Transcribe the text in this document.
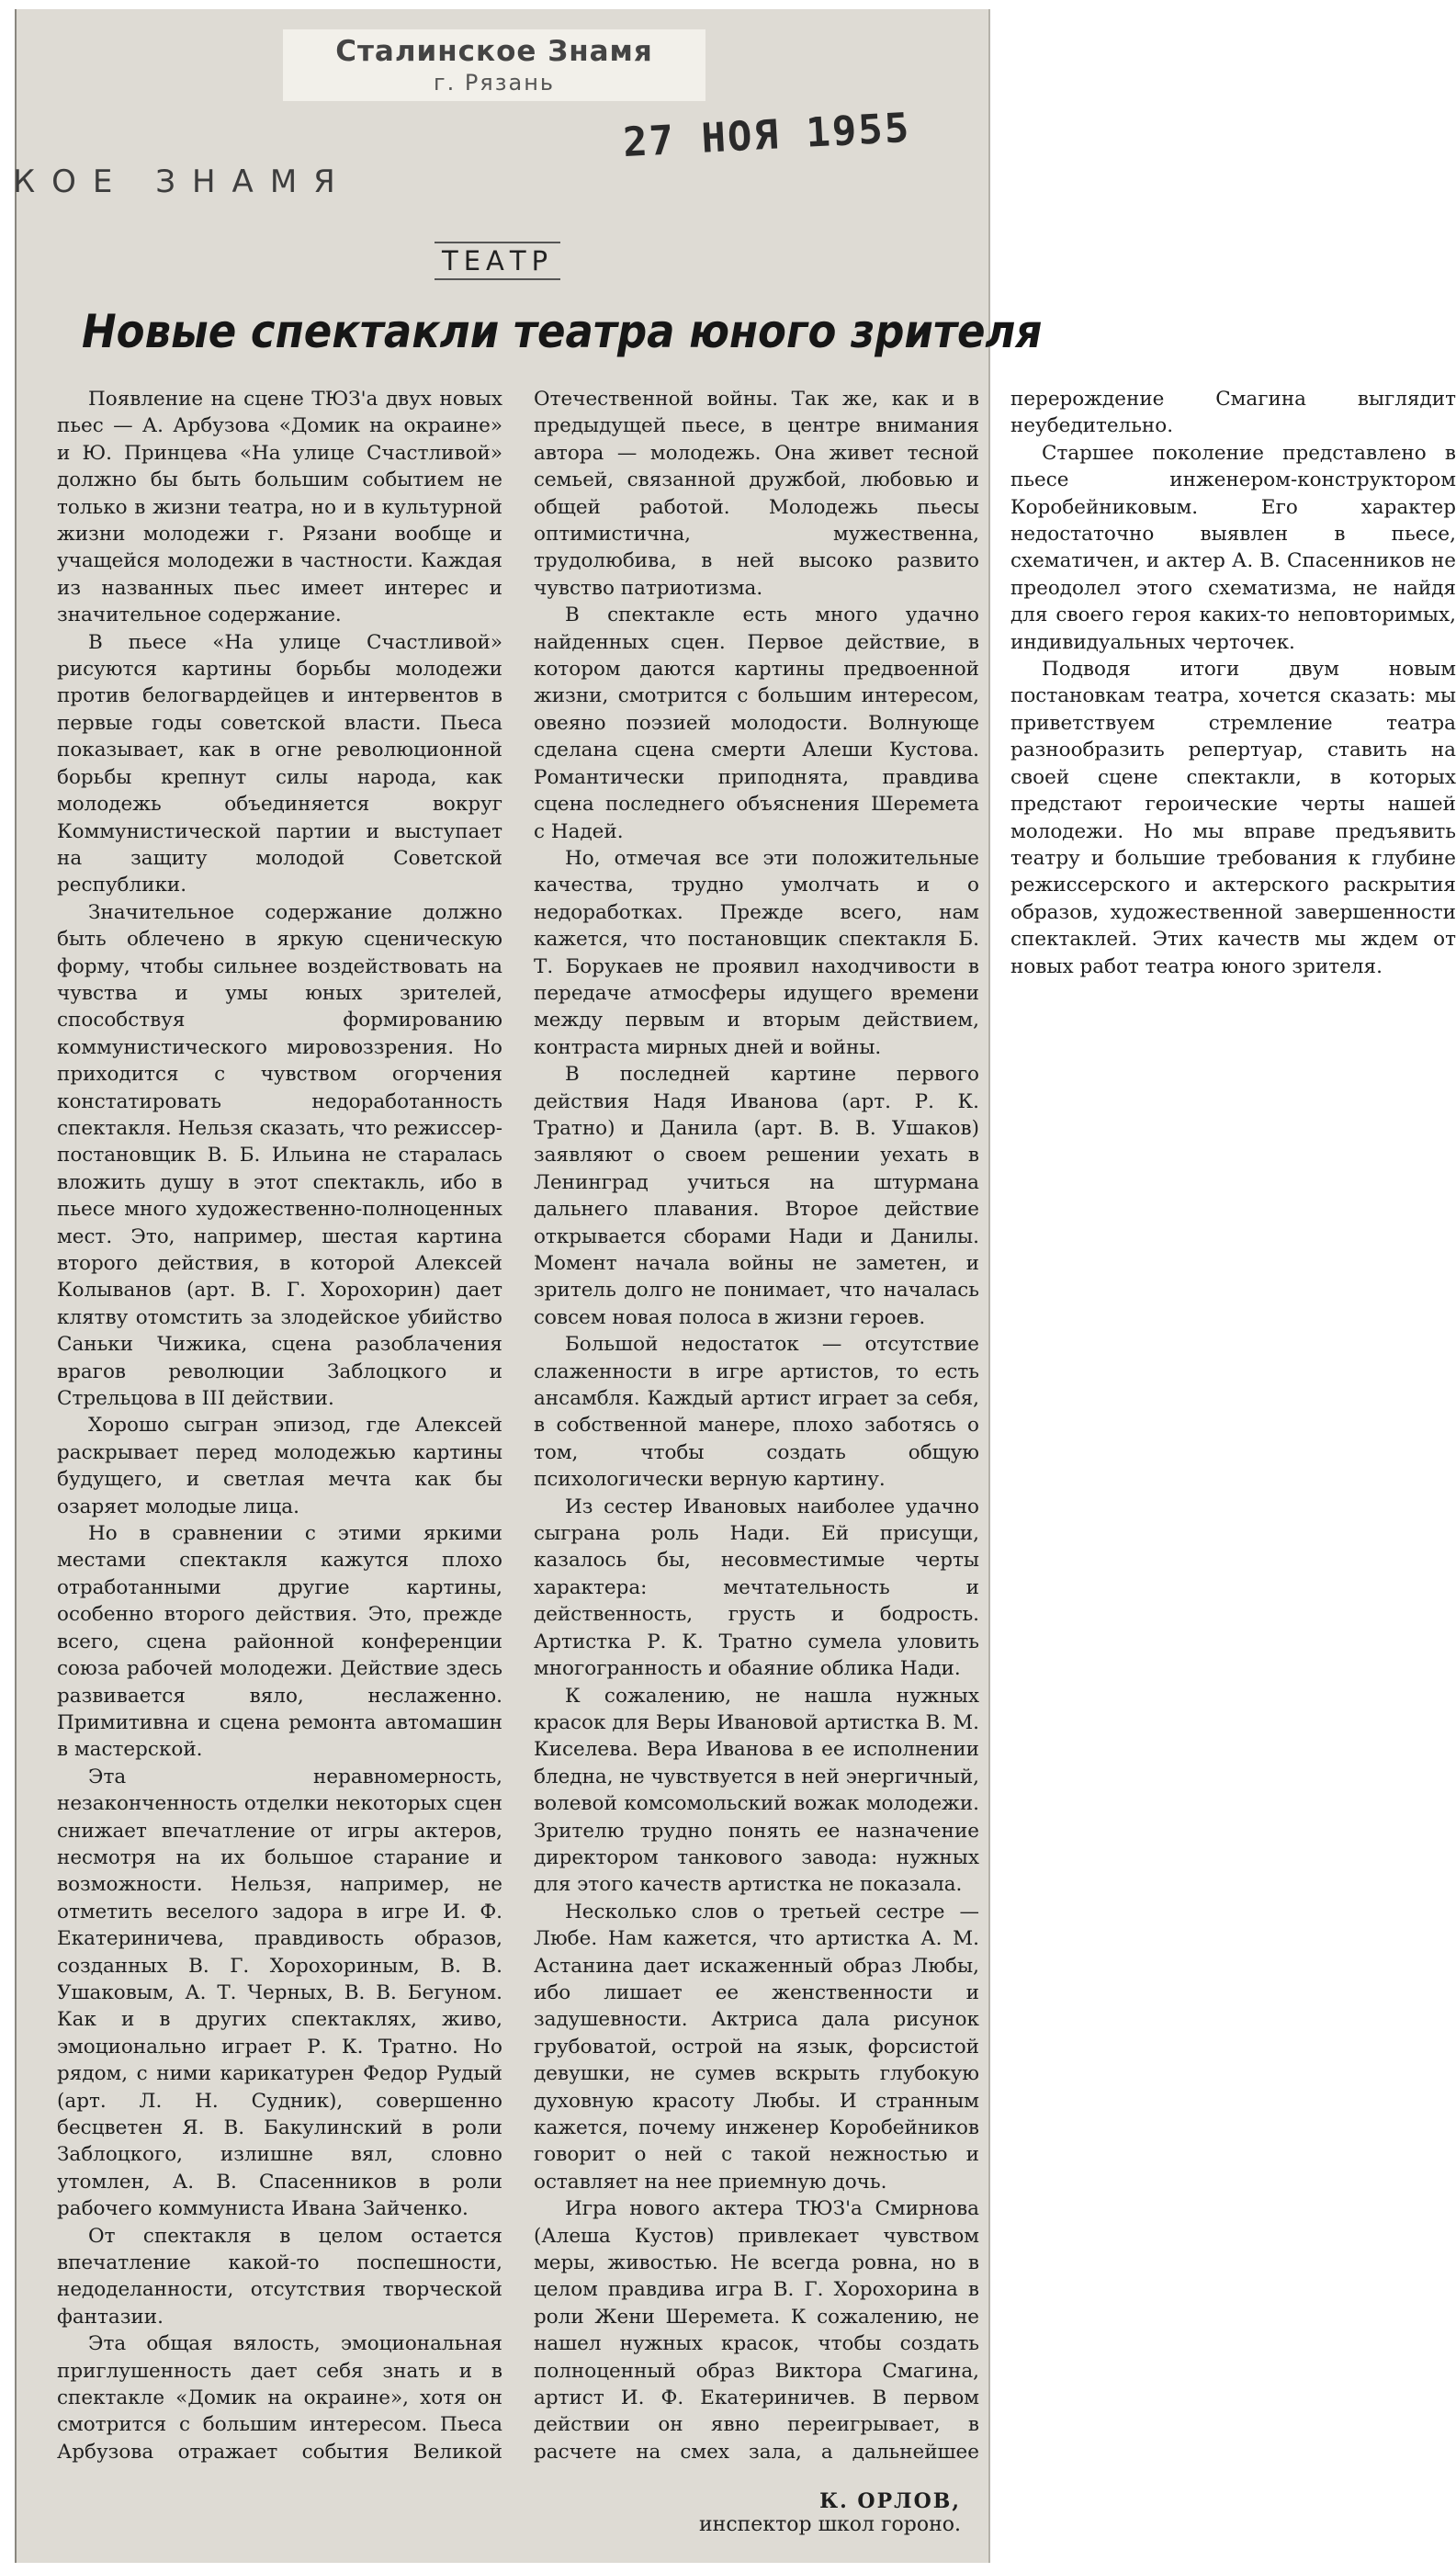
Сталинское Знамя
г. Рязань
27 НОЯ 1955
КОЕ ЗНАМЯ
ТЕАТР
Новые спектакли театра юного зрителя

Появление на сцене ТЮЗ'а двух новых пьес — А. Арбузова «Домик на окраине» и Ю. Принцева «На улице Счастливой» должно бы быть большим событием не только в жизни театра, но и в культурной жизни молодежи г. Рязани вообще и учащейся молодежи в частности. Каждая из названных пьес имеет интерес и значительное содержание.

В пьесе «На улице Счастливой» рисуются картины борьбы молодежи против белогвардейцев и интервентов в первые годы советской власти. Пьеса показывает, как в огне революционной борьбы крепнут силы народа, как молодежь объединяется вокруг Коммунистической партии и выступает на защиту молодой Советской республики.

Значительное содержание должно быть облечено в яркую сценическую форму, чтобы сильнее воздействовать на чувства и умы юных зрителей, способствуя формированию коммунистического мировоззрения. Но приходится с чувством огорчения констатировать недоработанность спектакля. Нельзя сказать, что режиссер-постановщик В. Б. Ильина не старалась вложить душу в этот спектакль, ибо в пьесе много художественно-полноценных мест. Это, например, шестая картина второго действия, в которой Алексей Колыванов (арт. В. Г. Хорохорин) дает клятву отомстить за злодейское убийство Саньки Чижика, сцена разоблачения врагов революции Заблоцкого и Стрельцова в III действии.

Хорошо сыгран эпизод, где Алексей раскрывает перед молодежью картины будущего, и светлая мечта как бы озаряет молодые лица.

Но в сравнении с этими яркими местами спектакля кажутся плохо отработанными другие картины, особенно второго действия. Это, прежде всего, сцена районной конференции союза рабочей молодежи. Действие здесь развивается вяло, неслаженно. Примитивна и сцена ремонта автомашин в мастерской.

Эта неравномерность, незаконченность отделки некоторых сцен снижает впечатление от игры актеров, несмотря на их большое старание и возможности. Нельзя, например, не отметить веселого задора в игре И. Ф. Екатериничева, правдивость образов, созданных В. Г. Хорохориным, В. В. Ушаковым, А. Т. Черных, В. В. Бегуном. Как и в других спектаклях, живо, эмоционально играет Р. К. Тратно. Но рядом, с ними карикатурен Федор Рудый (арт. Л. Н. Судник), совершенно бесцветен Я. В. Бакулинский в роли Заблоцкого, излишне вял, словно утомлен, А. В. Спасенников в роли рабочего коммуниста Ивана Зайченко.

От спектакля в целом остается впечатление какой-то поспешности, недоделанности, отсутствия творческой фантазии.

Эта общая вялость, эмоциональная приглушенность дает себя знать и в спектакле «Домик на окраине», хотя он смотрится с большим интересом. Пьеса Арбузова отражает события Великой Отечественной войны. Так же, как и в предыдущей пьесе, в центре внимания автора — молодежь. Она живет тесной семьей, связанной дружбой, любовью и общей работой. Молодежь пьесы оптимистична, мужественна, трудолюбива, в ней высоко развито чувство патриотизма.

В спектакле есть много удачно найденных сцен. Первое действие, в котором даются картины предвоенной жизни, смотрится с большим интересом, овеяно поэзией молодости. Волнующе сделана сцена смерти Алеши Кустова. Романтически приподнята, правдива сцена последнего объяснения Шеремета с Надей.

Но, отмечая все эти положительные качества, трудно умолчать и о недоработках. Прежде всего, нам кажется, что постановщик спектакля Б. Т. Борукаев не проявил находчивости в передаче атмосферы идущего времени между первым и вторым действием, контраста мирных дней и войны.

В последней картине первого действия Надя Иванова (арт. Р. К. Тратно) и Данила (арт. В. В. Ушаков) заявляют о своем решении уехать в Ленинград учиться на штурмана дальнего плавания. Второе действие открывается сборами Нади и Данилы. Момент начала войны не заметен, и зритель долго не понимает, что началась совсем новая полоса в жизни героев.

Большой недостаток — отсутствие слаженности в игре артистов, то есть ансамбля. Каждый артист играет за себя, в собственной манере, плохо заботясь о том, чтобы создать общую психологически верную картину.

Из сестер Ивановых наиболее удачно сыграна роль Нади. Ей присущи, казалось бы, несовместимые черты характера: мечтательность и действенность, грусть и бодрость. Артистка Р. К. Тратно сумела уловить многогранность и обаяние облика Нади.

К сожалению, не нашла нужных красок для Веры Ивановой артистка В. М. Киселева. Вера Иванова в ее исполнении бледна, не чувствуется в ней энергичный, волевой комсомольский вожак молодежи. Зрителю трудно понять ее назначение директором танкового завода: нужных для этого качеств артистка не показала.

Несколько слов о третьей сестре — Любе. Нам кажется, что артистка А. М. Астанина дает искаженный образ Любы, ибо лишает ее женственности и задушевности. Актриса дала рисунок грубоватой, острой на язык, форсистой девушки, не сумев вскрыть глубокую духовную красоту Любы. И странным кажется, почему инженер Коробейников говорит о ней с такой нежностью и оставляет на нее приемную дочь.

Игра нового актера ТЮЗ'а Смирнова (Алеша Кустов) привлекает чувством меры, живостью. Не всегда ровна, но в целом правдива игра В. Г. Хорохорина в роли Жени Шеремета. К сожалению, не нашел нужных красок, чтобы создать полноценный образ Виктора Смагина, артист И. Ф. Екатериничев. В первом действии он явно переигрывает, в расчете на смех зала, а дальнейшее перерождение Смагина выглядит неубедительно.

Старшее поколение представлено в пьесе инженером-конструктором Коробейниковым. Его характер недостаточно выявлен в пьесе, схематичен, и актер А. В. Спасенников не преодолел этого схематизма, не найдя для своего героя каких-то неповторимых, индивидуальных черточек.

Подводя итоги двум новым постановкам театра, хочется сказать: мы приветствуем стремление театра разнообразить репертуар, ставить на своей сцене спектакли, в которых предстают героические черты нашей молодежи. Но мы вправе предъявить театру и большие требования к глубине режиссерского и актерского раскрытия образов, художественной завершенности спектаклей. Этих качеств мы ждем от новых работ театра юного зрителя.

К. ОРЛОВ,
инспектор школ гороно.
